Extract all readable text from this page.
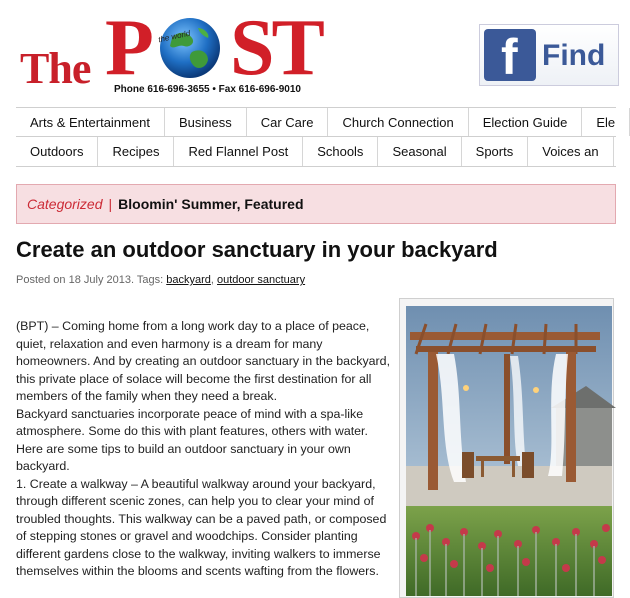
The P ST
the world
Phone 616-696-3655 • Fax 616-696-9010
f Find
Arts & Entertainment	Business	Car Care	Church Connection	Election Guide	Ele
Outdoors	Recipes	Red Flannel Post	Schools	Seasonal	Sports	Voices an
Categorized | Bloomin' Summer, Featured
Create an outdoor sanctuary in your backyard
Posted on 18 July 2013. Tags: backyard, outdoor sanctuary

(BPT) – Coming home from a long work day to a place of peace, quiet, relaxation and even harmony is a dream for many homeowners. And by creating an outdoor sanctuary in the backyard, this private place of solace will become the first destination for all members of the family when they need a break.

Backyard sanctuaries incorporate peace of mind with a spa-like atmosphere. Some do this with plant features, others with water. Here are some tips to build an outdoor sanctuary in your own backyard.

1. Create a walkway – A beautiful walkway around your backyard, through different scenic zones, can help you to clear your mind of troubled thoughts. This walkway can be a paved path, or composed of stepping stones or gravel and woodchips. Consider planting different gardens close to the walkway, inviting walkers to immerse themselves within the blooms and scents wafting from the flowers.
